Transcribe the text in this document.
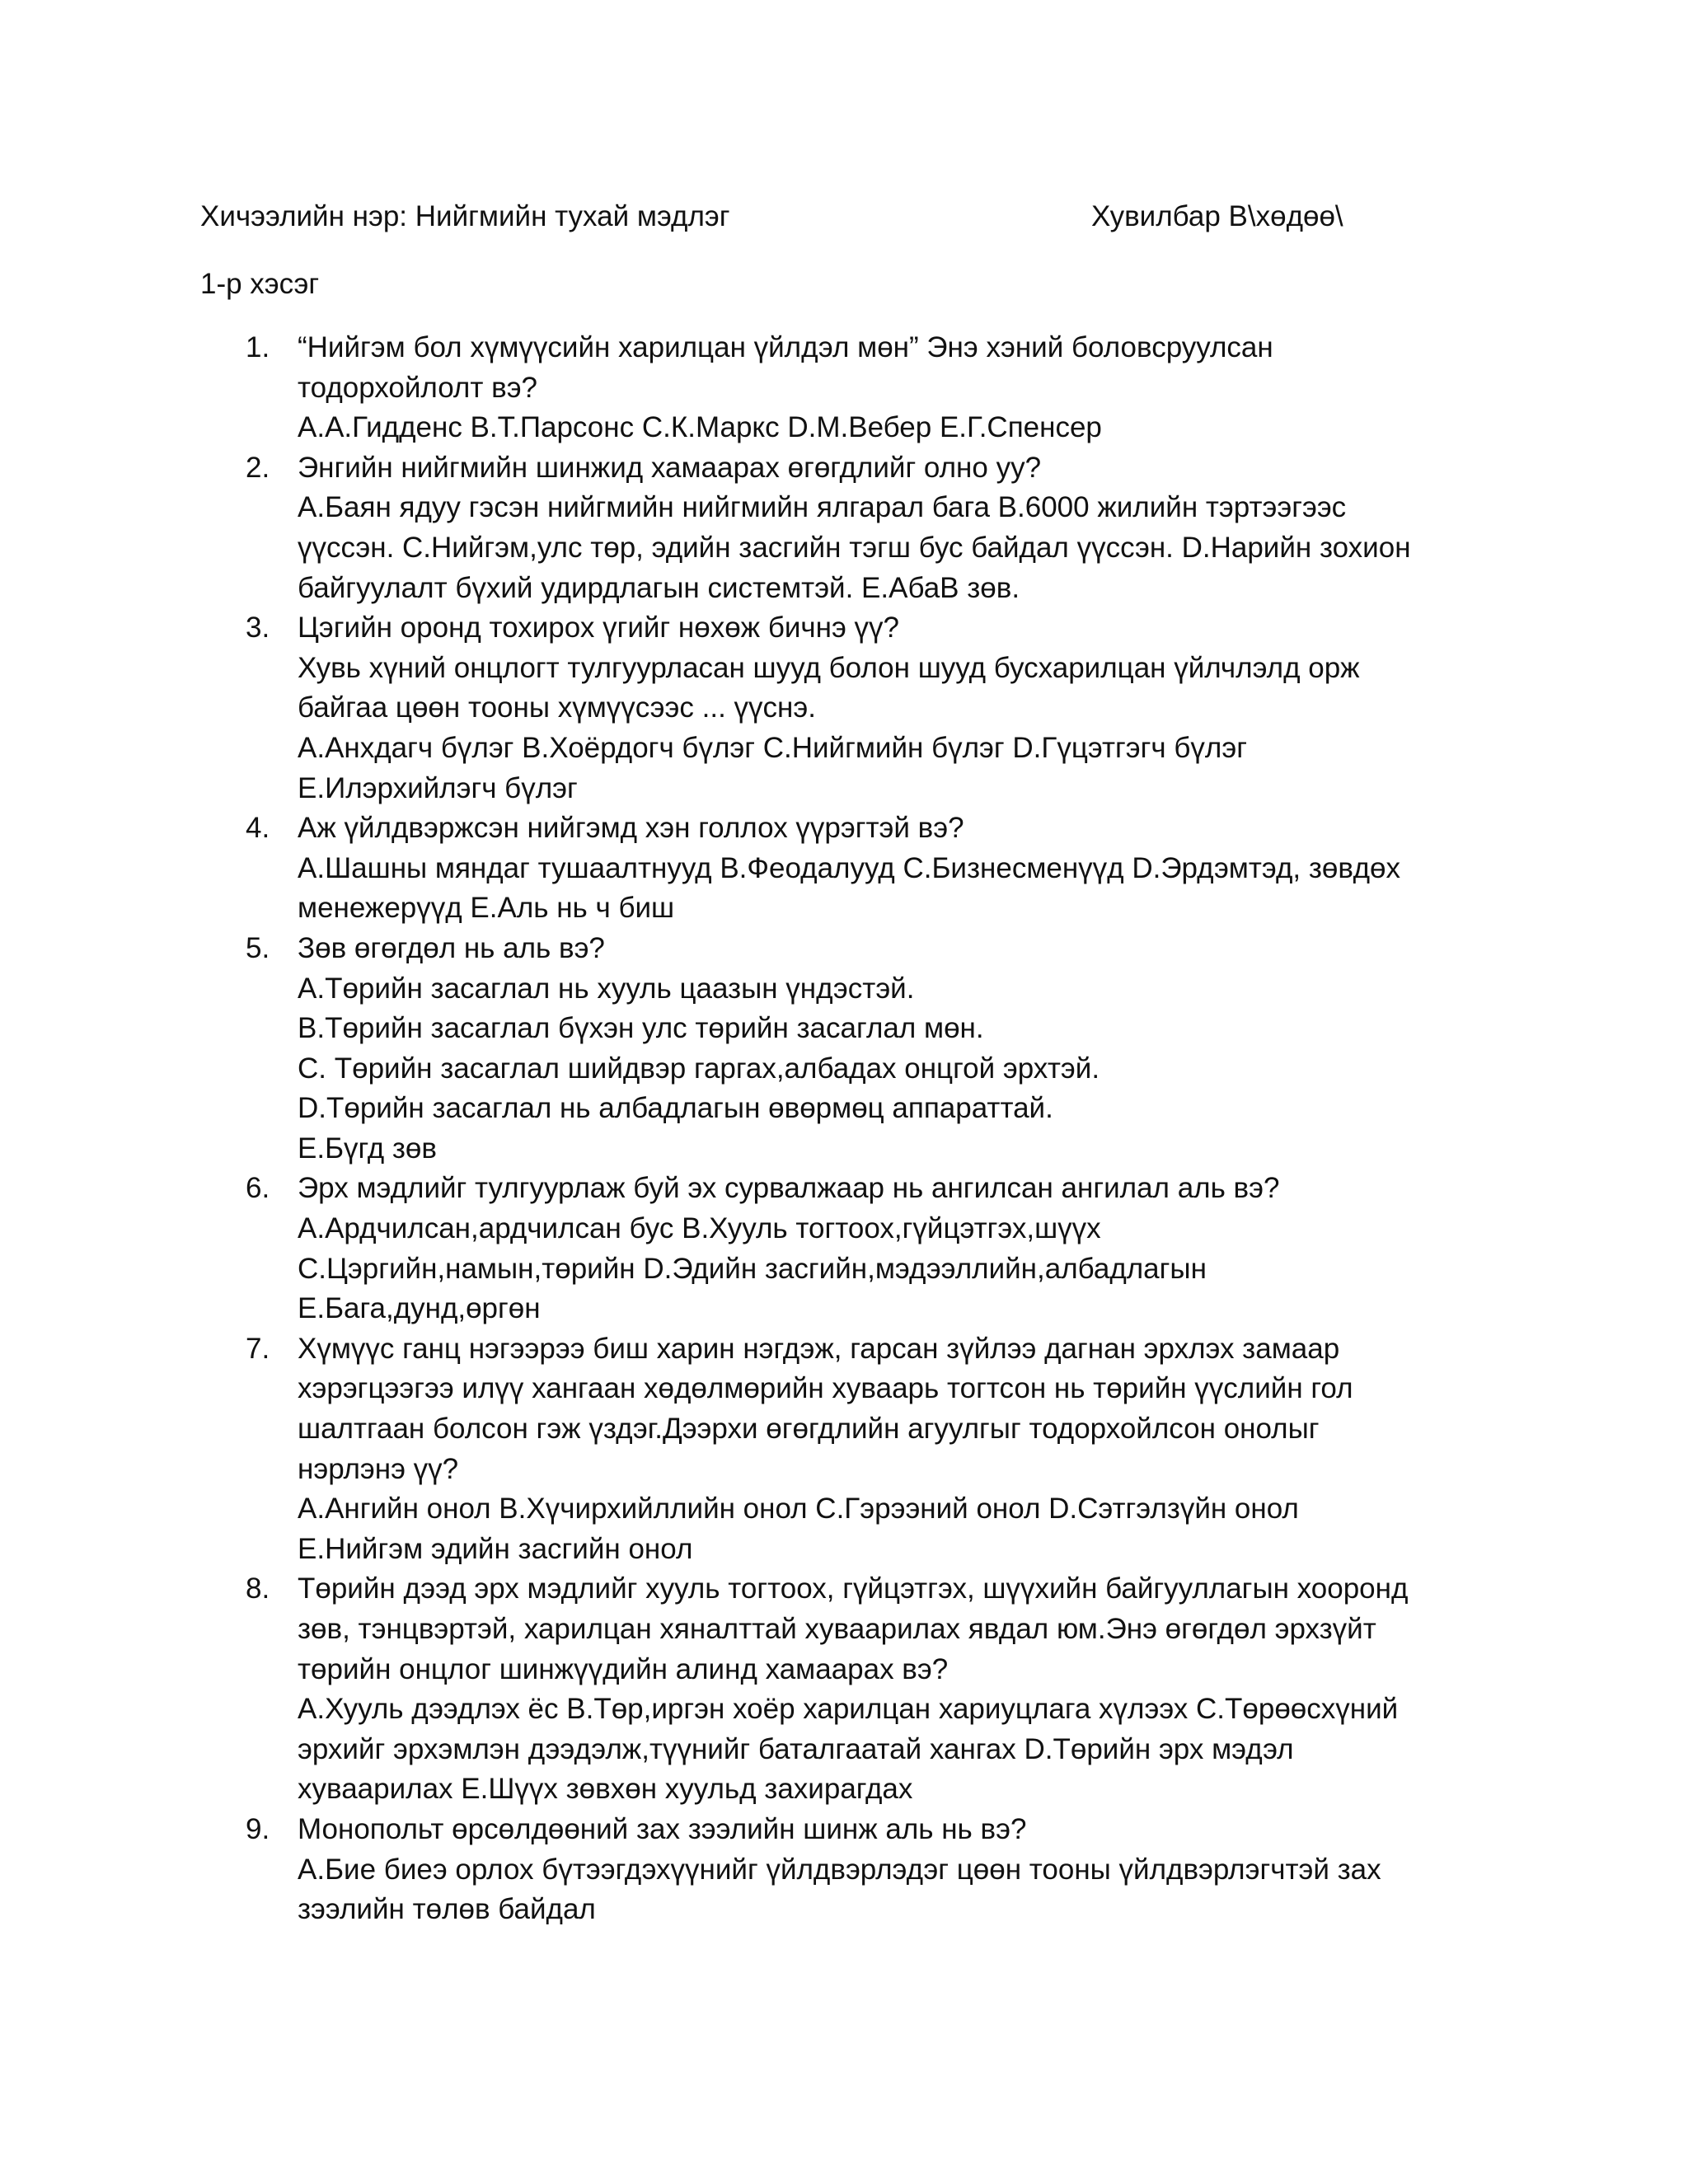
Хичээлийн нэр: Нийгмийн тухай мэдлэг	Хувилбар В\хөдөө\
1-р хэсэг
1. “Нийгэм бол хүмүүсийн харилцан үйлдэл мөн” Энэ хэний боловсруулсан
тодорхойлолт вэ?
A.А.Гидденс B.Т.Парсонс C.К.Маркс D.М.Вебер E.Г.Спенсер
2. Энгийн нийгмийн шинжид хамаарах өгөгдлийг олно уу?
A.Баян ядуу гэсэн нийгмийн нийгмийн ялгарал бага B.6000 жилийн тэртээгээс
үүссэн. C.Нийгэм,улс төр, эдийн засгийн тэгш бус байдал үүссэн. D.Нарийн зохион
байгуулалт бүхий удирдлагын системтэй. E.AбаB зөв.
3. Цэгийн оронд тохирох үгийг нөхөж бичнэ үү?
Хувь хүний онцлогт тулгуурласан шууд болон шууд бусхарилцан үйлчлэлд орж
байгаа цөөн тооны хүмүүсээс ... үүснэ.
A.Анхдагч бүлэг B.Хоёрдогч бүлэг C.Нийгмийн бүлэг D.Гүцэтгэгч бүлэг
E.Илэрхийлэгч бүлэг
4. Аж үйлдвэржсэн нийгэмд хэн голлох үүрэгтэй вэ?
A.Шашны мяндаг тушаалтнууд B.Феодалууд C.Бизнесменүүд D.Эрдэмтэд, зөвдөх
менежерүүд E.Аль нь ч биш
5. Зөв өгөгдөл нь аль вэ?
A.Төрийн засаглал нь хууль цаазын үндэстэй.
B.Төрийн засаглал бүхэн улс төрийн засаглал мөн.
C. Төрийн засаглал шийдвэр гаргах,албадах онцгой эрхтэй.
D.Төрийн засаглал нь албадлагын өвөрмөц аппараттай.
E.Бүгд зөв
6. Эрх мэдлийг тулгуурлаж буй эх сурвалжаар нь ангилсан ангилал аль вэ?
A.Ардчилсан,ардчилсан бус B.Хууль тогтоох,гүйцэтгэх,шүүх
C.Цэргийн,намын,төрийн D.Эдийн засгийн,мэдээллийн,албадлагын
E.Бага,дунд,өргөн
7. Хүмүүс ганц нэгээрээ биш харин нэгдэж, гарсан зүйлээ дагнан эрхлэх замаар
хэрэгцээгээ илүү хангаан хөдөлмөрийн хуваарь тогтсон нь төрийн үүслийн гол
шалтгаан болсон гэж үздэг.Дээрхи өгөгдлийн агуулгыг тодорхойлсон онолыг
нэрлэнэ үү?
A.Ангийн онол B.Хүчирхийллийн онол C.Гэрээний онол D.Сэтгэлзүйн онол
E.Нийгэм эдийн засгийн онол
8. Төрийн дээд эрх мэдлийг хууль тогтоох, гүйцэтгэх, шүүхийн байгууллагын хооронд
зөв, тэнцвэртэй, харилцан хяналттай хуваарилах явдал юм.Энэ өгөгдөл эрхзүйт
төрийн онцлог шинжүүдийн алинд хамаарах вэ?
A.Хууль дээдлэх ёс B.Төр,иргэн хоёр харилцан хариуцлага хүлээх C.Төрөөсхүний
эрхийг эрхэмлэн дээдэлж,түүнийг баталгаатай хангах D.Төрийн эрх мэдэл
хуваарилах E.Шүүх зөвхөн хуульд захирагдах
9. Монопольт өрсөлдөөний зах зээлийн шинж аль нь вэ?
A.Бие биеэ орлох бүтээгдэхүүнийг үйлдвэрлэдэг цөөн тооны үйлдвэрлэгчтэй зах
зээлийн төлөв байдал
